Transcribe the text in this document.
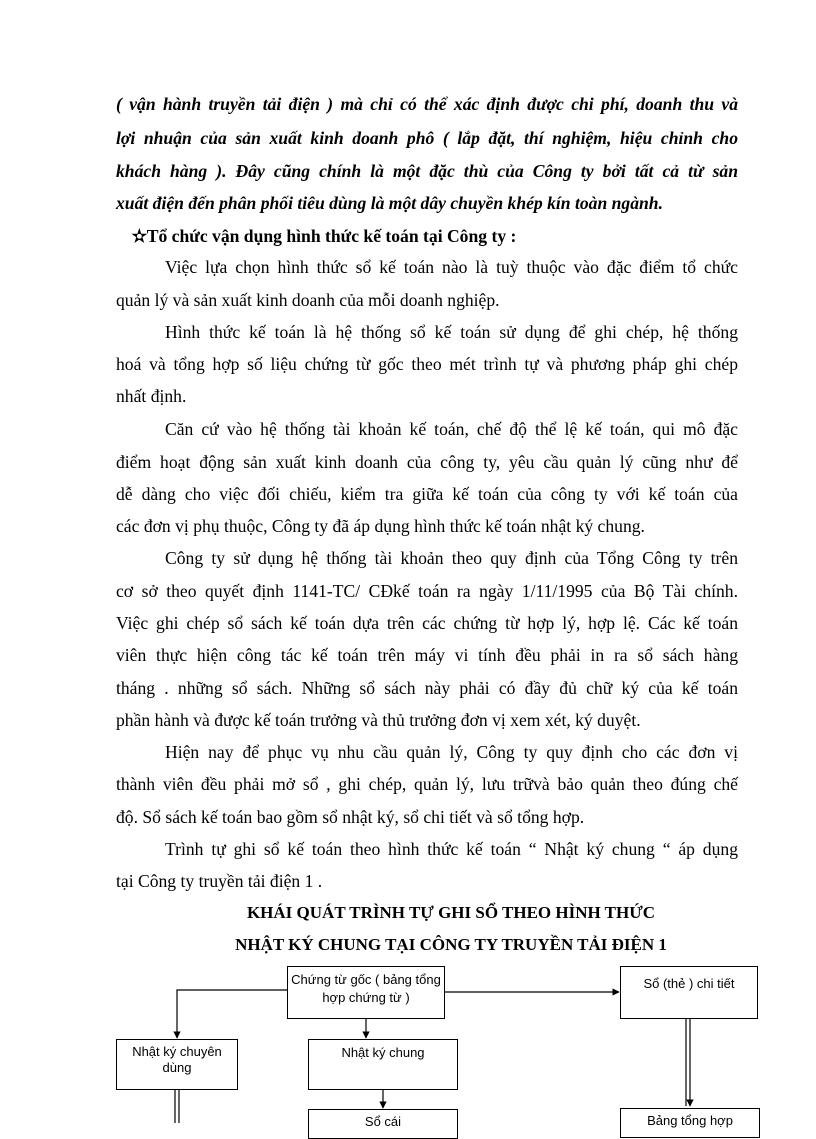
( vận hành truyền tải điện ) mà chỉ có thể xác định được chi phí, doanh thu và
lợi nhuận của sản xuất kinh doanh phô ( lắp đặt, thí nghiệm, hiệu chỉnh cho
khách hàng ). Đây cũng chính là một đặc thù của Công ty bởi tất cả từ sản
xuất điện đến phân phối tiêu dùng là một dây chuyền khép kín toàn ngành.
✫Tổ chức vận dụng hình thức kế toán tại Công ty :
Việc lựa chọn hình thức sổ kế toán nào là tuỳ thuộc vào đặc điểm tổ chức
quản lý và sản xuất kinh doanh của mỗi doanh nghiệp.
Hình thức kế toán là hệ thống sổ kế toán sử dụng để ghi chép, hệ thống
hoá và tổng hợp số liệu chứng từ gốc theo mét trình tự và phương pháp ghi chép
nhất định.
Căn cứ vào hệ thống tài khoản kế toán, chế độ thể lệ kế toán, qui mô đặc
điểm hoạt động sản xuất kinh doanh của công ty, yêu cầu quản lý cũng như để
dễ dàng cho việc đối chiếu, kiểm tra giữa kế toán của công ty với kế toán của
các đơn vị phụ thuộc, Công ty đã áp dụng hình thức kế toán nhật ký chung.
Công ty sử dụng hệ thống tài khoản theo quy định của Tổng Công ty trên
cơ sở theo quyết định 1141-TC/ CĐkế toán ra ngày 1/11/1995 của Bộ Tài chính.
Việc ghi chép sổ sách kế toán dựa trên các chứng từ hợp lý, hợp lệ. Các kế toán
viên thực hiện công tác kế toán trên máy vi tính đều phải in ra sổ sách hàng
tháng . những sổ sách. Những sổ sách này phải có đầy đủ chữ ký của kế toán
phần hành và được kế toán trưởng và thủ trưởng đơn vị xem xét, ký duyệt.
Hiện nay để phục vụ nhu cầu quản lý, Công ty quy định cho các đơn vị
thành viên đều phải mở sổ , ghi chép, quản lý, lưu trữvà bảo quản theo đúng chế
độ. Sổ sách kế toán bao gồm sổ nhật ký, sổ chi tiết và sổ tổng hợp.
Trình tự ghi sổ kế toán theo hình thức kế toán “ Nhật ký chung “ áp dụng
tại Công ty truyền tải điện 1 .
KHÁI QUÁT TRÌNH TỰ GHI SỔ THEO HÌNH THỨC
NHẬT KÝ CHUNG TẠI CÔNG TY TRUYỀN TẢI ĐIỆN 1
Chứng từ gốc ( bảng tổng hợp chứng từ )
Sổ (thẻ ) chi tiết
Nhật ký chuyên dùng
Nhật ký chung
Sổ cái	Bảng tổng hợp
